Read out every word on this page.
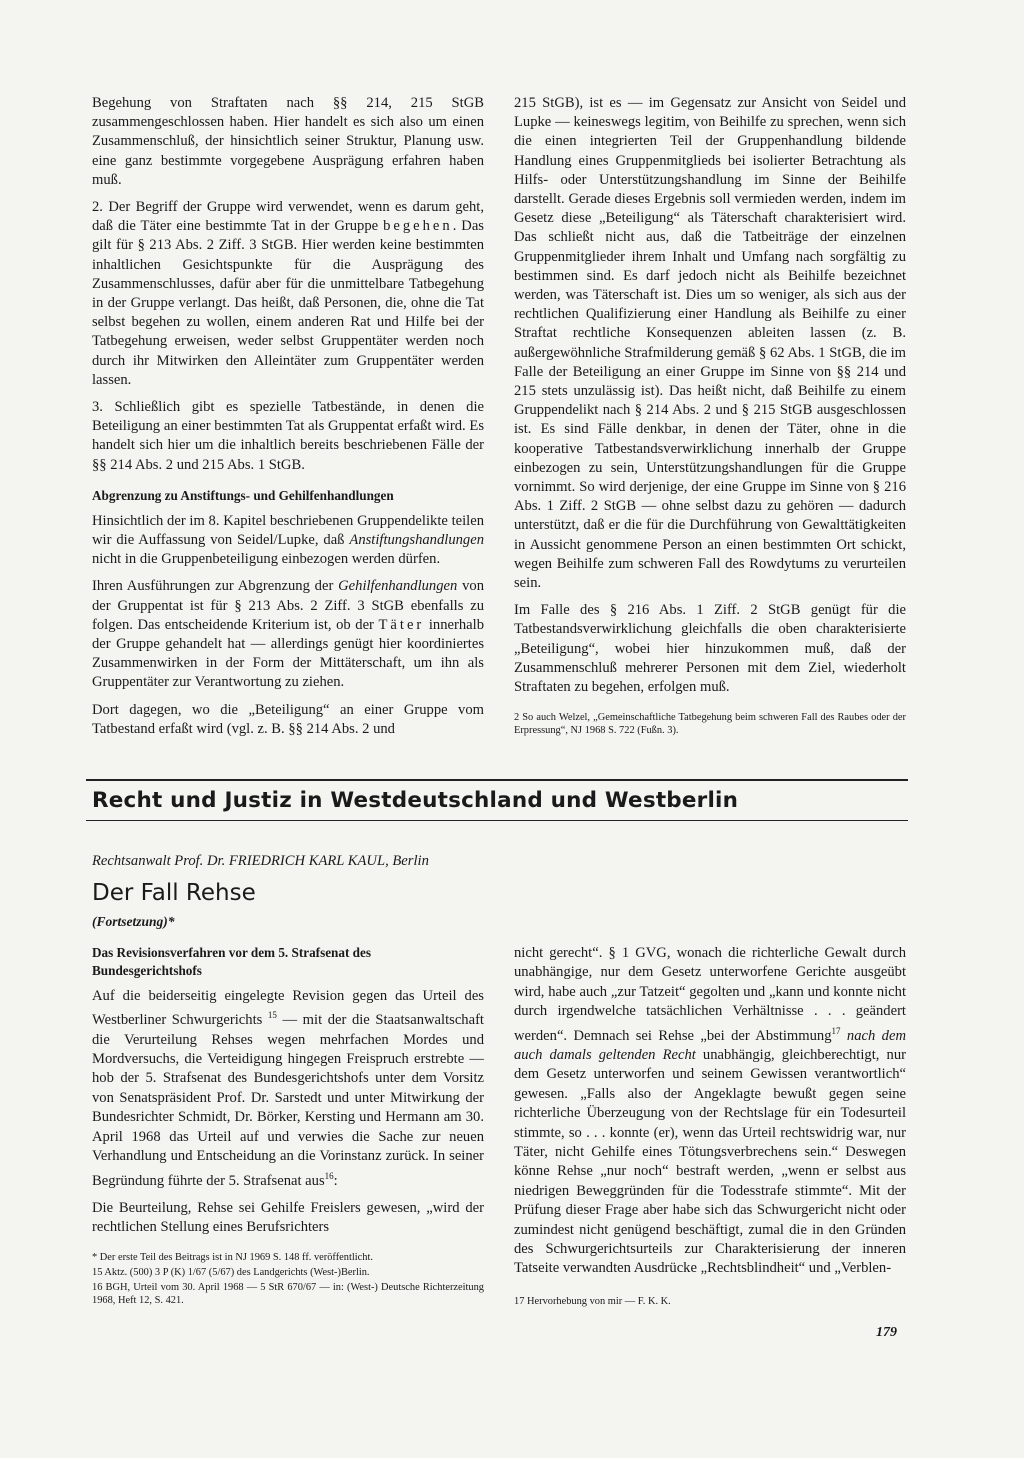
Begehung von Straftaten nach §§ 214, 215 StGB zusammengeschlossen haben. Hier handelt es sich also um einen Zusammenschluß, der hinsichtlich seiner Struktur, Planung usw. eine ganz bestimmte vorgegebene Ausprägung erfahren haben muß.

2. Der Begriff der Gruppe wird verwendet, wenn es darum geht, daß die Täter eine bestimmte Tat in der Gruppe begehen. Das gilt für § 213 Abs. 2 Ziff. 3 StGB. Hier werden keine bestimmten inhaltlichen Gesichtspunkte für die Ausprägung des Zusammenschlusses, dafür aber für die unmittelbare Tatbegehung in der Gruppe verlangt. Das heißt, daß Personen, die, ohne die Tat selbst begehen zu wollen, einem anderen Rat und Hilfe bei der Tatbegehung erweisen, weder selbst Gruppentäter werden noch durch ihr Mitwirken den Alleintäter zum Gruppentäter werden lassen.

3. Schließlich gibt es spezielle Tatbestände, in denen die Beteiligung an einer bestimmten Tat als Gruppentat erfaßt wird. Es handelt sich hier um die inhaltlich bereits beschriebenen Fälle der §§ 214 Abs. 2 und 215 Abs. 1 StGB.

Abgrenzung zu Anstiftungs- und Gehilfenhandlungen

Hinsichtlich der im 8. Kapitel beschriebenen Gruppendelikte teilen wir die Auffassung von Seidel/Lupke, daß Anstiftungshandlungen nicht in die Gruppenbeteiligung einbezogen werden dürfen.

Ihren Ausführungen zur Abgrenzung der Gehilfenhandlungen von der Gruppentat ist für § 213 Abs. 2 Ziff. 3 StGB ebenfalls zu folgen. Das entscheidende Kriterium ist, ob der Täter innerhalb der Gruppe gehandelt hat — allerdings genügt hier koordiniertes Zusammenwirken in der Form der Mittäterschaft, um ihn als Gruppentäter zur Verantwortung zu ziehen.

Dort dagegen, wo die „Beteiligung“ an einer Gruppe vom Tatbestand erfaßt wird (vgl. z. B. §§ 214 Abs. 2 und

215 StGB), ist es — im Gegensatz zur Ansicht von Seidel und Lupke — keineswegs legitim, von Beihilfe zu sprechen, wenn sich die einen integrierten Teil der Gruppenhandlung bildende Handlung eines Gruppenmitglieds bei isolierter Betrachtung als Hilfs- oder Unterstützungshandlung im Sinne der Beihilfe darstellt. Gerade dieses Ergebnis soll vermieden werden, indem im Gesetz diese „Beteiligung“ als Täterschaft charakterisiert wird. Das schließt nicht aus, daß die Tatbeiträge der einzelnen Gruppenmitglieder ihrem Inhalt und Umfang nach sorgfältig zu bestimmen sind. Es darf jedoch nicht als Beihilfe bezeichnet werden, was Täterschaft ist. Dies um so weniger, als sich aus der rechtlichen Qualifizierung einer Handlung als Beihilfe zu einer Straftat rechtliche Konsequenzen ableiten lassen (z. B. außergewöhnliche Strafmilderung gemäß § 62 Abs. 1 StGB, die im Falle der Beteiligung an einer Gruppe im Sinne von §§ 214 und 215 stets unzulässig ist). Das heißt nicht, daß Beihilfe zu einem Gruppendelikt nach § 214 Abs. 2 und § 215 StGB ausgeschlossen ist. Es sind Fälle denkbar, in denen der Täter, ohne in die kooperative Tatbestandsverwirklichung innerhalb der Gruppe einbezogen zu sein, Unterstützungshandlungen für die Gruppe vornimmt. So wird derjenige, der eine Gruppe im Sinne von § 216 Abs. 1 Ziff. 2 StGB — ohne selbst dazu zu gehören — dadurch unterstützt, daß er die für die Durchführung von Gewalttätigkeiten in Aussicht genommene Person an einen bestimmten Ort schickt, wegen Beihilfe zum schweren Fall des Rowdytums zu verurteilen sein.

Im Falle des § 216 Abs. 1 Ziff. 2 StGB genügt für die Tatbestandsverwirklichung gleichfalls die oben charakterisierte „Beteiligung“, wobei hier hinzukommen muß, daß der Zusammenschluß mehrerer Personen mit dem Ziel, wiederholt Straftaten zu begehen, erfolgen muß.

2 So auch Welzel, „Gemeinschaftliche Tatbegehung beim schweren Fall des Raubes oder der Erpressung“, NJ 1968 S. 722 (Fußn. 3).

Recht und Justiz in Westdeutschland und Westberlin
Rechtsanwalt Prof. Dr. FRIEDRICH KARL KAUL, Berlin
Der Fall Rehse
(Fortsetzung)*
Das Revisionsverfahren vor dem 5. Strafsenat des Bundesgerichtshofs

Auf die beiderseitig eingelegte Revision gegen das Urteil des Westberliner Schwurgerichts $^{15}$ — mit der die Staatsanwaltschaft die Verurteilung Rehses wegen mehrfachen Mordes und Mordversuchs, die Verteidigung hingegen Freispruch erstrebte — hob der 5. Strafsenat des Bundesgerichtshofs unter dem Vorsitz von Senatspräsident Prof. Dr. Sarstedt und unter Mitwirkung der Bundesrichter Schmidt, Dr. Börker, Kersting und Hermann am 30. April 1968 das Urteil auf und verwies die Sache zur neuen Verhandlung und Entscheidung an die Vorinstanz zurück. In seiner Begründung führte der 5. Strafsenat aus$^{16}$:

Die Beurteilung, Rehse sei Gehilfe Freislers gewesen, „wird der rechtlichen Stellung eines Berufsrichters

* Der erste Teil des Beitrags ist in NJ 1969 S. 148 ff. veröffentlicht.

15 Aktz. (500) 3 P (K) 1/67 (5/67) des Landgerichts (West-)Berlin.

16 BGH, Urteil vom 30. April 1968 — 5 StR 670/67 — in: (West-) Deutsche Richterzeitung 1968, Heft 12, S. 421.

nicht gerecht“. § 1 GVG, wonach die richterliche Gewalt durch unabhängige, nur dem Gesetz unterworfene Gerichte ausgeübt wird, habe auch „zur Tatzeit“ gegolten und „kann und konnte nicht durch irgendwelche tatsächlichen Verhältnisse . . . geändert werden“. Demnach sei Rehse „bei der Abstimmung$^{17}$ nach dem auch damals geltenden Recht unabhängig, gleichberechtigt, nur dem Gesetz unterworfen und seinem Gewissen verantwortlich“ gewesen. „Falls also der Angeklagte bewußt gegen seine richterliche Überzeugung von der Rechtslage für ein Todesurteil stimmte, so . . . konnte (er), wenn das Urteil rechtswidrig war, nur Täter, nicht Gehilfe eines Tötungsverbrechens sein.“ Deswegen könne Rehse „nur noch“ bestraft werden, „wenn er selbst aus niedrigen Beweggründen für die Todesstrafe stimmte“. Mit der Prüfung dieser Frage aber habe sich das Schwurgericht nicht oder zumindest nicht genügend beschäftigt, zumal die in den Gründen des Schwurgerichtsurteils zur Charakterisierung der inneren Tatseite verwandten Ausdrücke „Rechtsblindheit“ und „Verblen-

17 Hervorhebung von mir — F. K. K.

179
